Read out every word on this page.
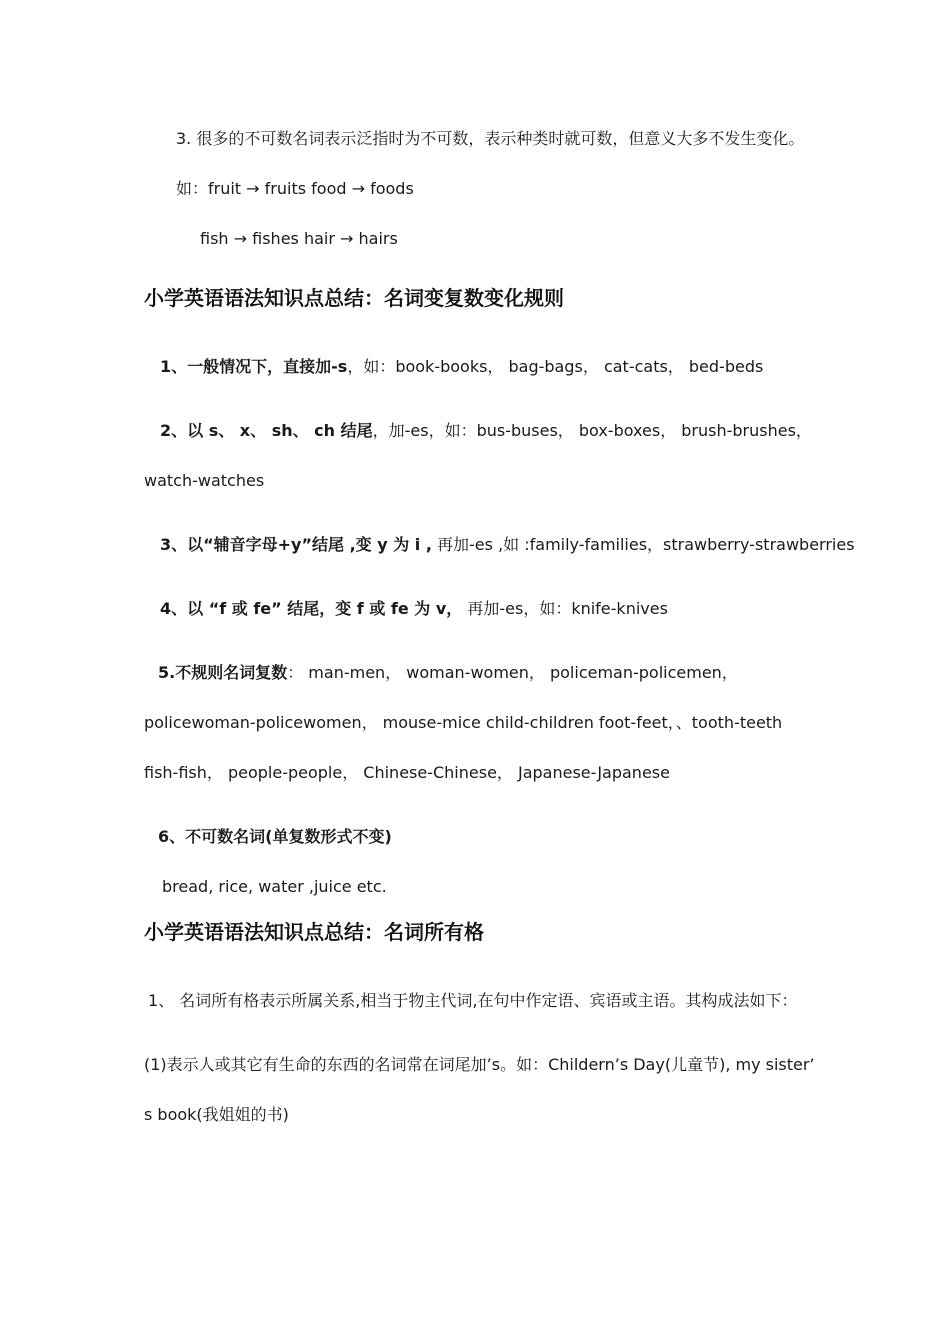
3. 很多的不可数名词表示泛指时为不可数，表示种类时就可数，但意义大多不发生变化。
如：fruit → fruits food → foods
fish → fishes hair → hairs
小学英语语法知识点总结：名词变复数变化规则
1、一般情况下，直接加-s，如：book-books， bag-bags， cat-cats， bed-beds
2、以 s、 x、 sh、 ch 结尾，加-es，如：bus-buses， box-boxes， brush-brushes，
watch-watches
3、以“辅音字母+y”结尾 ,变 y 为 i , 再加-es ,如 :family-families，strawberry-strawberries
4、以 “f 或 fe” 结尾，变 f 或 fe 为 v， 再加-es，如：knife-knives
5.不规则名词复数： man-men， woman-women， policeman-policemen，
policewoman-policewomen， mouse-mice child-children foot-feet，、tooth-teeth
fish-fish， people-people， Chinese-Chinese， Japanese-Japanese
6、不可数名词(单复数形式不变)
bread, rice, water ,juice etc.
小学英语语法知识点总结：名词所有格
1、 名词所有格表示所属关系,相当于物主代词,在句中作定语、宾语或主语。其构成法如下：
(1)表示人或其它有生命的东西的名词常在词尾加’s。如：Childern’s Day(儿童节), my sister’
s book(我姐姐的书)
